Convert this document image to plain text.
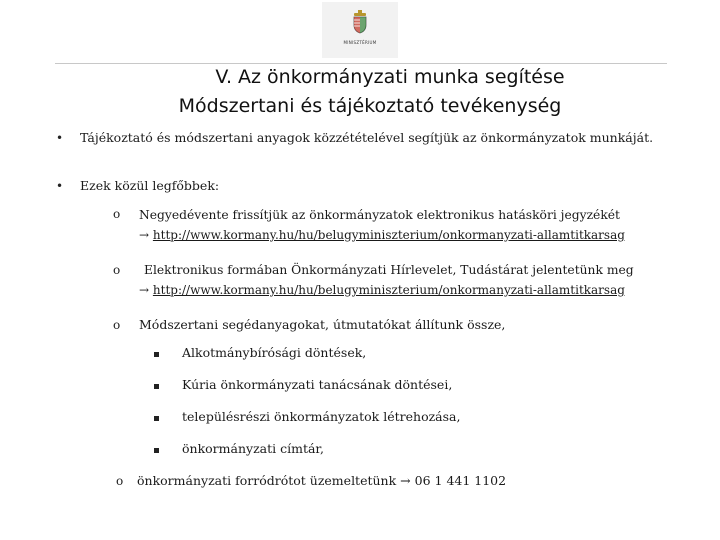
MINISZTÉRIUM
V. Az önkormányzati munka segítése
Módszertani és tájékoztató tevékenység
• Tájékoztató és módszertani anyagok közzétételével segítjük az önkormányzatok munkáját.
• Ezek közül legfőbbek:
o Negyedévente frissítjük az önkormányzatok elektronikus hatásköri jegyzékét
→ http://www.kormany.hu/hu/belugyminiszterium/onkormanyzati-allamtitkarsag
o Elektronikus formában Önkormányzati Hírlevelet, Tudástárat jelentetünk meg
→ http://www.kormany.hu/hu/belugyminiszterium/onkormanyzati-allamtitkarsag
o Módszertani segédanyagokat, útmutatókat állítunk össze,
Alkotmánybírósági döntések,
Kúria önkormányzati tanácsának döntései,
településrészi önkormányzatok létrehozása,
önkormányzati címtár,
o önkormányzati forródrótot üzemeltetünk → 06 1 441 1102
